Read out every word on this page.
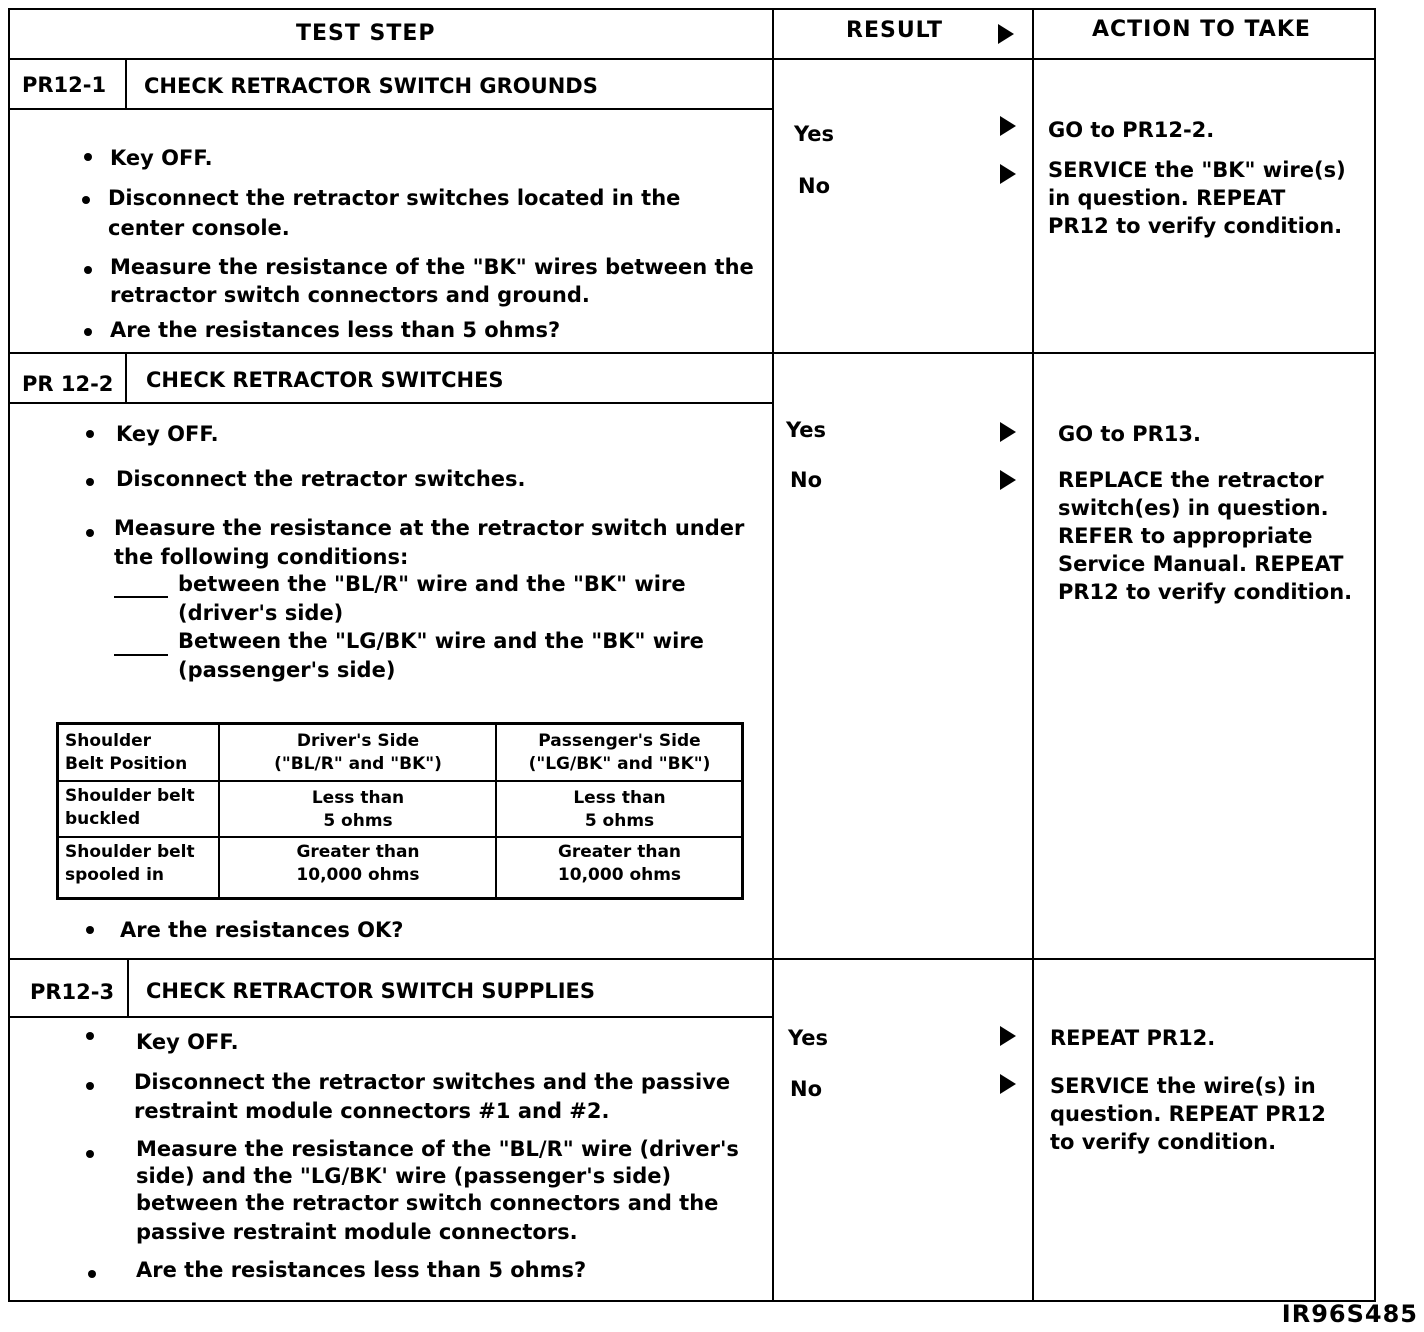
TEST STEP	RESULT	ACTION TO TAKE
PR12-1 CHECK RETRACTOR SWITCH GROUNDS
Key OFF.
Disconnect the retractor switches located in the
center console.
Measure the resistance of the "BK" wires between the
retractor switch connectors and ground.
Are the resistances less than 5 ohms?
Yes
No
GO to PR12-2.
SERVICE the "BK" wire(s)
in question. REPEAT
PR12 to verify condition.
PR 12-2 CHECK RETRACTOR SWITCHES
Key OFF.
Disconnect the retractor switches.
Measure the resistance at the retractor switch under
the following conditions:
between the "BL/R" wire and the "BK" wire
(driver's side)
Between the "LG/BK" wire and the "BK" wire
(passenger's side)
Shoulder
Belt Position
Driver's Side
("BL/R" and "BK")
Passenger's Side
("LG/BK" and "BK")
Shoulder belt
buckled
Less than
5 ohms
Less than
5 ohms
Shoulder belt
spooled in
Greater than
10,000 ohms
Greater than
10,000 ohms
Are the resistances OK?
Yes
No
GO to PR13.
REPLACE the retractor
switch(es) in question.
REFER to appropriate
Service Manual. REPEAT
PR12 to verify condition.
PR12-3 CHECK RETRACTOR SWITCH SUPPLIES
Key OFF.
Disconnect the retractor switches and the passive
restraint module connectors #1 and #2.
Measure the resistance of the "BL/R" wire (driver's
side) and the "LG/BK' wire (passenger's side)
between the retractor switch connectors and the
passive restraint module connectors.
Are the resistances less than 5 ohms?
Yes
No
REPEAT PR12.
SERVICE the wire(s) in
question. REPEAT PR12
to verify condition.
IR96S485
